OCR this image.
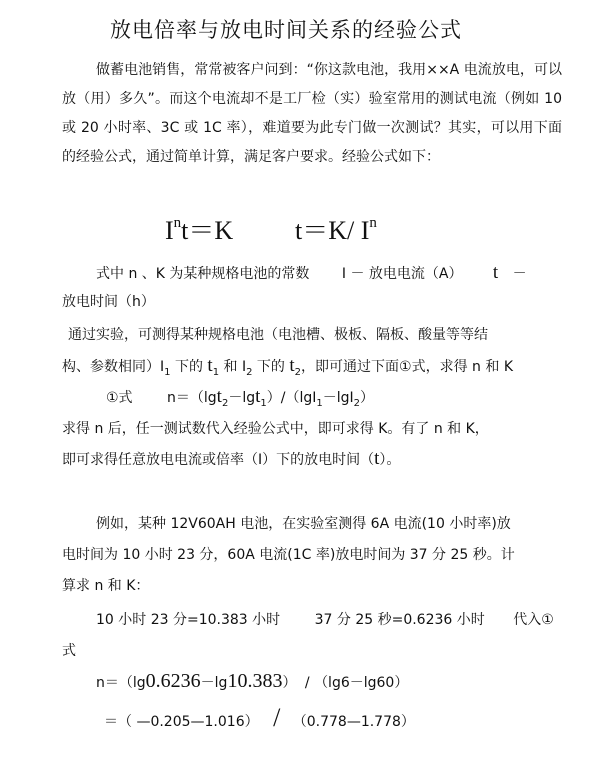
放电倍率与放电时间关系的经验公式
做蓄电池销售，常常被客户问到：“你这款电池，我用××A 电流放电，可以放（用）多久”。而这个电流却不是工厂检（实）验室常用的测试电流（例如 10 或 20 小时率、3C 或 1C 率），难道要为此专门做一次测试？其实，可以用下面的经验公式，通过简单计算，满足客户要求。经验公式如下：
$I^nt=K$ t＝K/ $I^n$
式中 n 、K 为某种规格电池的常数 I － 放电电流（A） t －
放电时间（h）
通过实验，可测得某种规格电池（电池槽、极板、隔板、酸量等等结
构、参数相同）$I_1$ 下的 $t_1$ 和 $I_2$ 下的 $t_2$，即可通过下面①式，求得 n 和 K
①式 n＝（lgt$_2$－lgt$_1$）/（lgI$_1$－lgI$_2$）
求得 n 后，任一测试数代入经验公式中，即可求得 K。有了 n 和 K，
即可求得任意放电电流或倍率（I）下的放电时间（t）。
例如，某种 12V60AH 电池，在实验室测得 6A 电流(10 小时率)放
电时间为 10 小时 23 分，60A 电流(1C 率)放电时间为 37 分 25 秒。计
算求 n 和 K：
10 小时 23 分=10.383 小时 37 分 25 秒=0.6236 小时 代入①
式
n＝（lg0.6236－lg10.383） / （lg6－lg60）
＝（ —0.205—1.016） / （0.778—1.778）
